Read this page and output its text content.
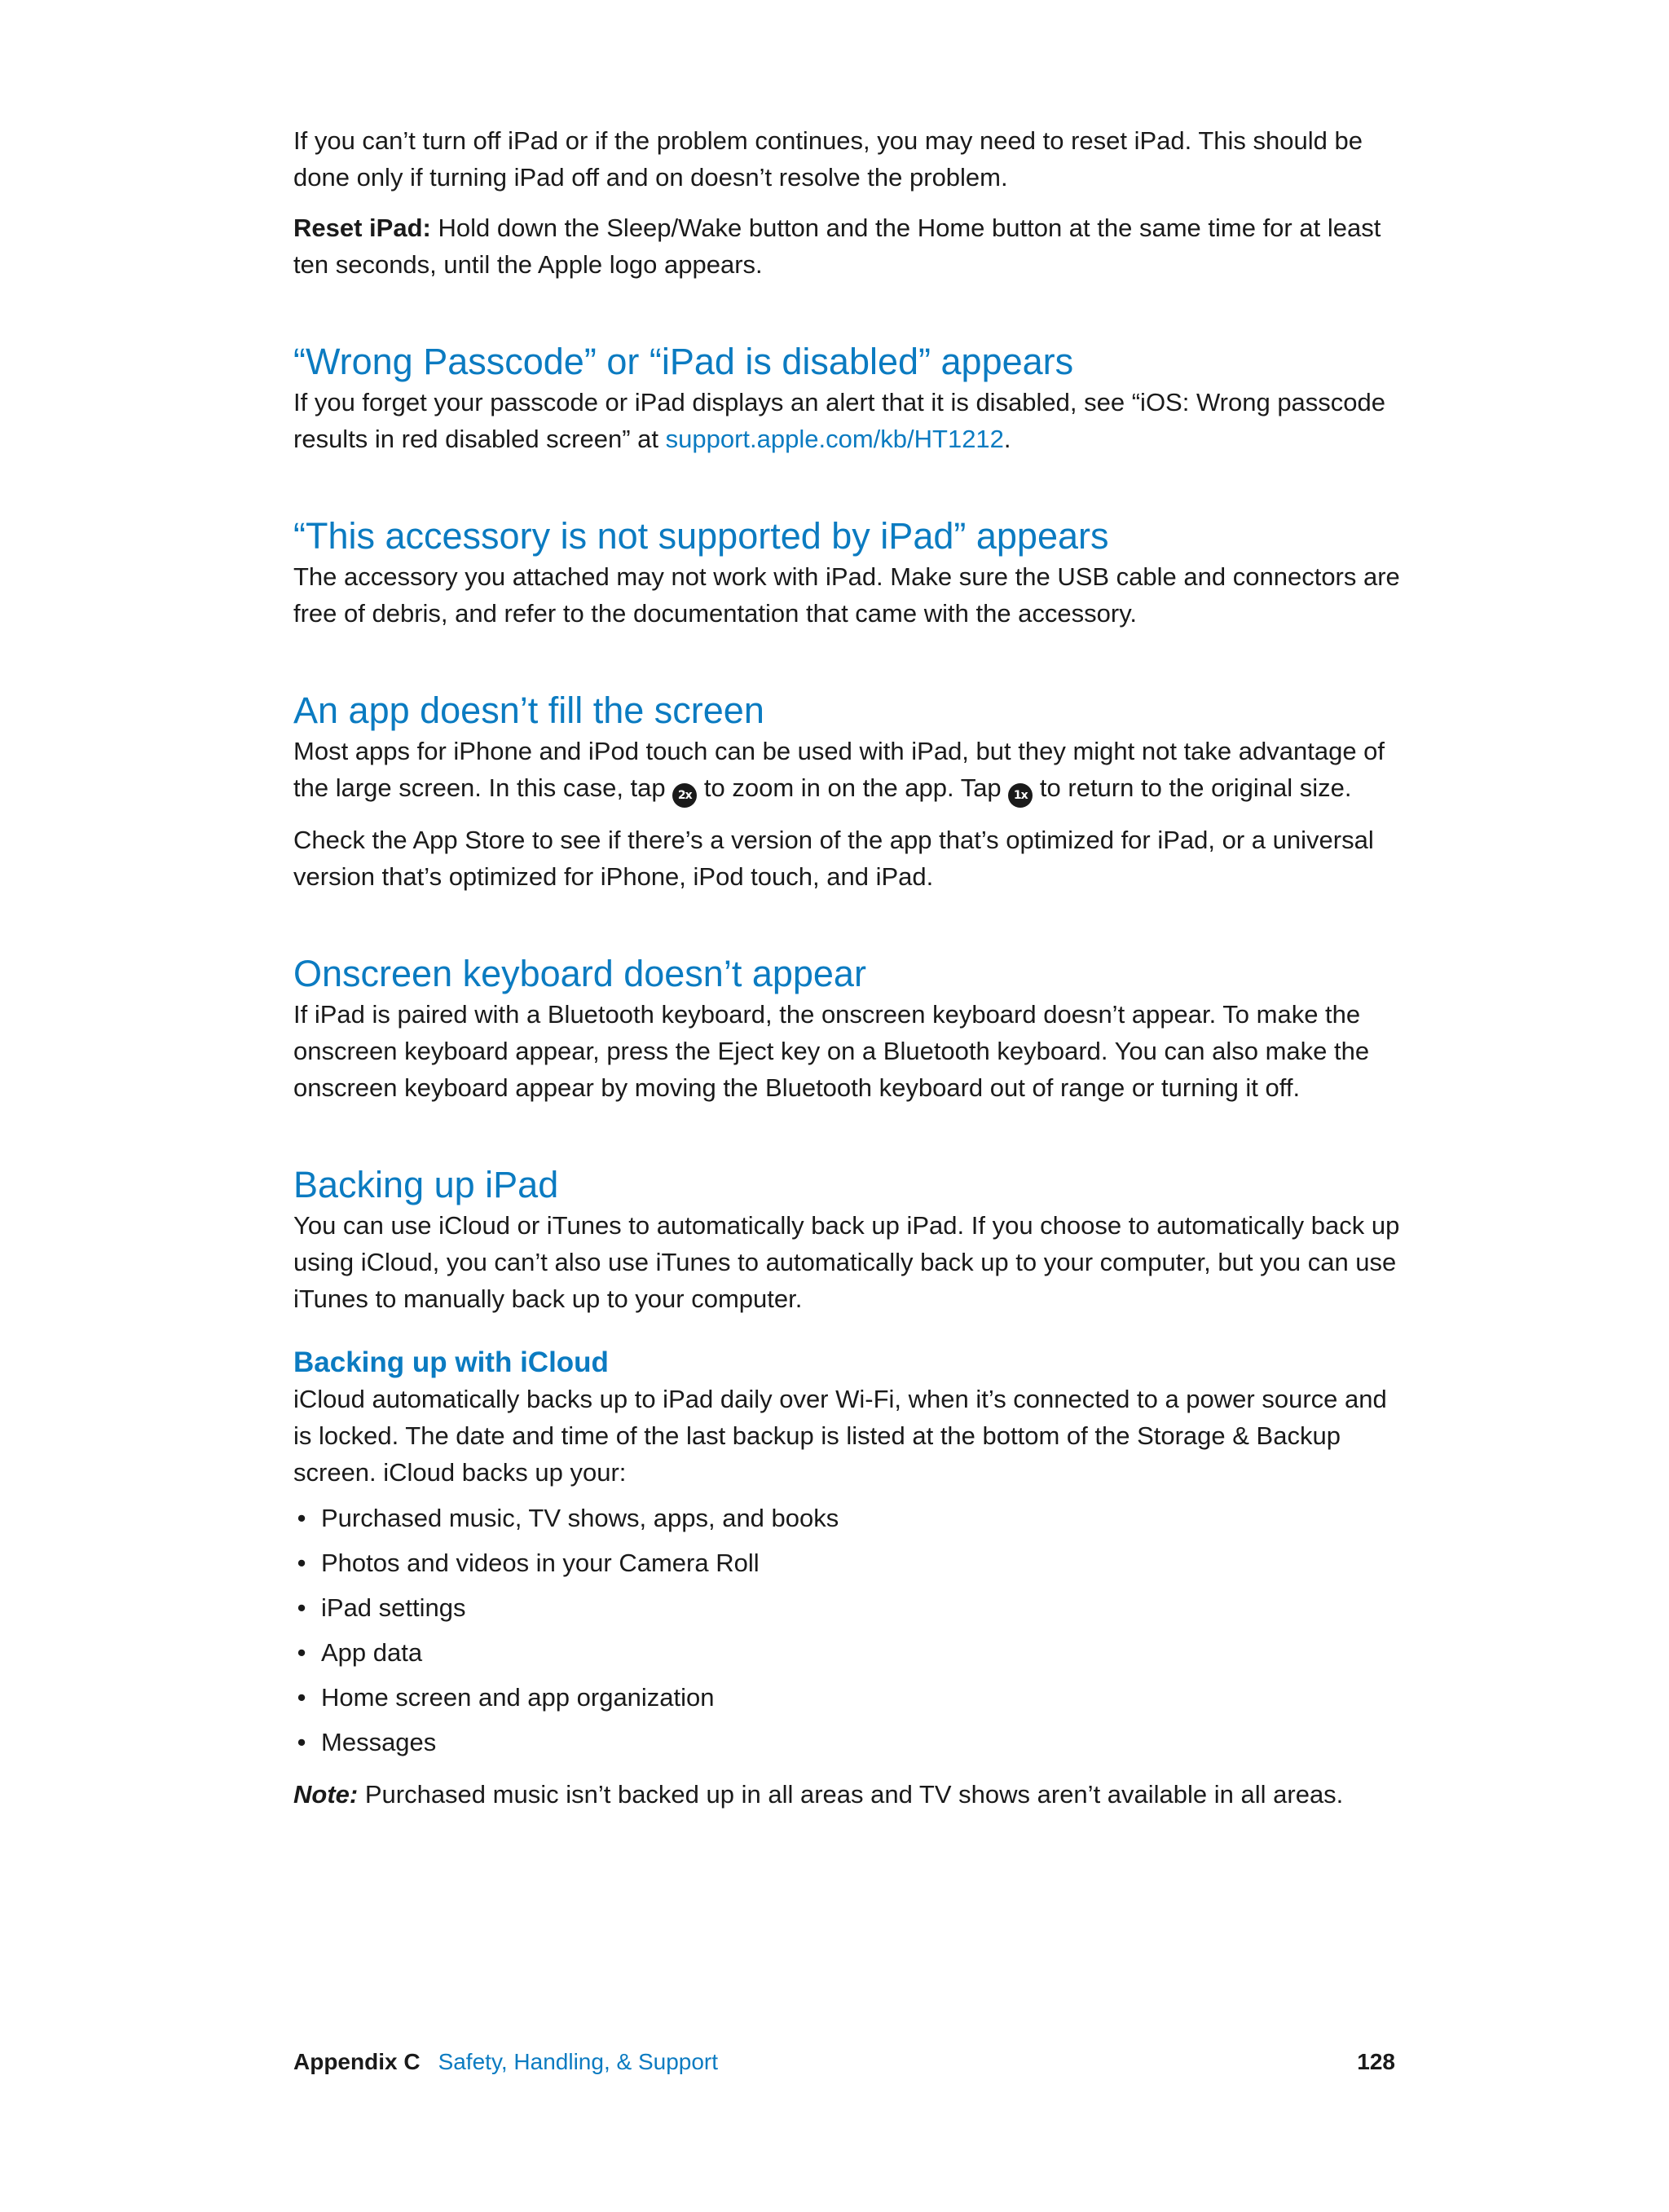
If you can’t turn off iPad or if the problem continues, you may need to reset iPad. This should be done only if turning iPad off and on doesn’t resolve the problem.

Reset iPad: Hold down the Sleep/Wake button and the Home button at the same time for at least ten seconds, until the Apple logo appears.

“Wrong Passcode” or “iPad is disabled” appears

If you forget your passcode or iPad displays an alert that it is disabled, see “iOS: Wrong passcode results in red disabled screen” at support.apple.com/kb/HT1212.

“This accessory is not supported by iPad” appears

The accessory you attached may not work with iPad. Make sure the USB cable and connectors are free of debris, and refer to the documentation that came with the accessory.

An app doesn’t fill the screen

Most apps for iPhone and iPod touch can be used with iPad, but they might not take advantage of the large screen. In this case, tap 2x to zoom in on the app. Tap 1x to return to the original size.

Check the App Store to see if there’s a version of the app that’s optimized for iPad, or a universal version that’s optimized for iPhone, iPod touch, and iPad.

Onscreen keyboard doesn’t appear

If iPad is paired with a Bluetooth keyboard, the onscreen keyboard doesn’t appear. To make the onscreen keyboard appear, press the Eject key on a Bluetooth keyboard. You can also make the onscreen keyboard appear by moving the Bluetooth keyboard out of range or turning it off.

Backing up iPad

You can use iCloud or iTunes to automatically back up iPad. If you choose to automatically back up using iCloud, you can’t also use iTunes to automatically back up to your computer, but you can use iTunes to manually back up to your computer.

Backing up with iCloud

iCloud automatically backs up to iPad daily over Wi-Fi, when it’s connected to a power source and is locked. The date and time of the last backup is listed at the bottom of the Storage & Backup screen. iCloud backs up your:

• Purchased music, TV shows, apps, and books
• Photos and videos in your Camera Roll
• iPad settings
• App data
• Home screen and app organization
• Messages

Note: Purchased music isn’t backed up in all areas and TV shows aren’t available in all areas.

Appendix C Safety, Handling, & Support	128
